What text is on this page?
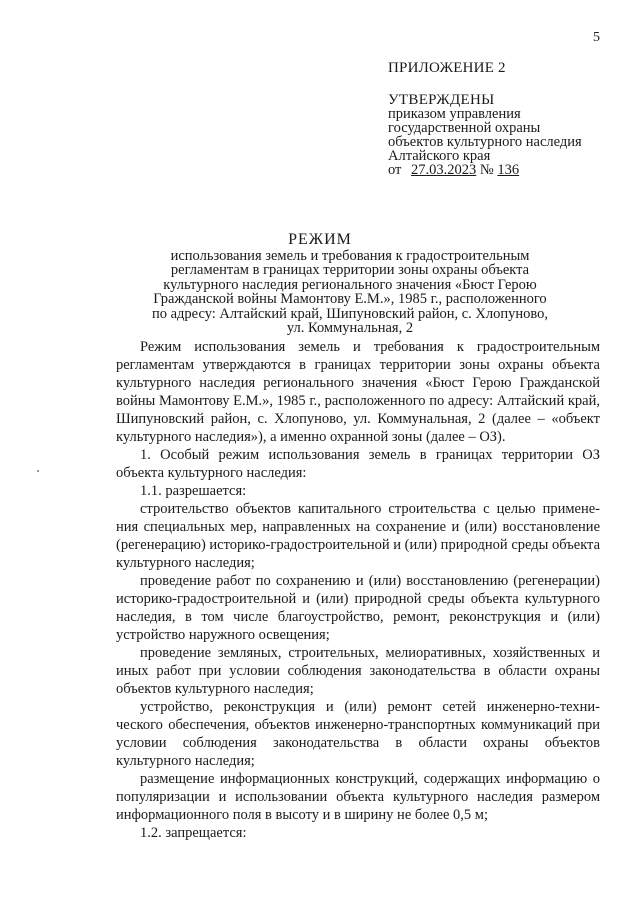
5
ПРИЛОЖЕНИЕ 2
УТВЕРЖДЕНЫ
приказом управления
государственной охраны
объектов культурного наследия
Алтайского края
от 27.03.2023 № 136
РЕЖИМ
использования земель и требования к градостроительным
регламентам в границах территории зоны охраны объекта
культурного наследия регионального значения «Бюст Герою
Гражданской войны Мамонтову Е.М.», 1985 г., расположенного
по адресу: Алтайский край, Шипуновский район, с. Хлопуново,
ул. Коммунальная, 2
Режим использования земель и требования к градостроительным регламентам утверждаются в границах территории зоны охраны объекта культурного наследия регионального значения «Бюст Герою Гражданской войны Мамонтову Е.М.», 1985 г., расположенного по адресу: Алтайский край, Шипуновский район, с. Хлопуново, ул. Коммунальная, 2 (далее – «объект культурного наследия»), а именно охранной зоны (далее – ОЗ).
1. Особый режим использования земель в границах территории ОЗ объекта культурного наследия:
1.1. разрешается:
строительство объектов капитального строительства с целью примене-ния специальных мер, направленных на сохранение и (или) восстановление (регенерацию) историко-градостроительной и (или) природной среды объекта культурного наследия;
проведение работ по сохранению и (или) восстановлению (регенерации) историко-градостроительной и (или) природной среды объекта культурного наследия, в том числе благоустройство, ремонт, реконструкция и (или) устройство наружного освещения;
проведение земляных, строительных, мелиоративных, хозяйственных и иных работ при условии соблюдения законодательства в области охраны объектов культурного наследия;
устройство, реконструкция и (или) ремонт сетей инженерно-техни-ческого обеспечения, объектов инженерно-транспортных коммуникаций при условии соблюдения законодательства в области охраны объектов культурного наследия;
размещение информационных конструкций, содержащих информацию о популяризации и использовании объекта культурного наследия размером информационного поля в высоту и в ширину не более 0,5 м;
1.2. запрещается:
